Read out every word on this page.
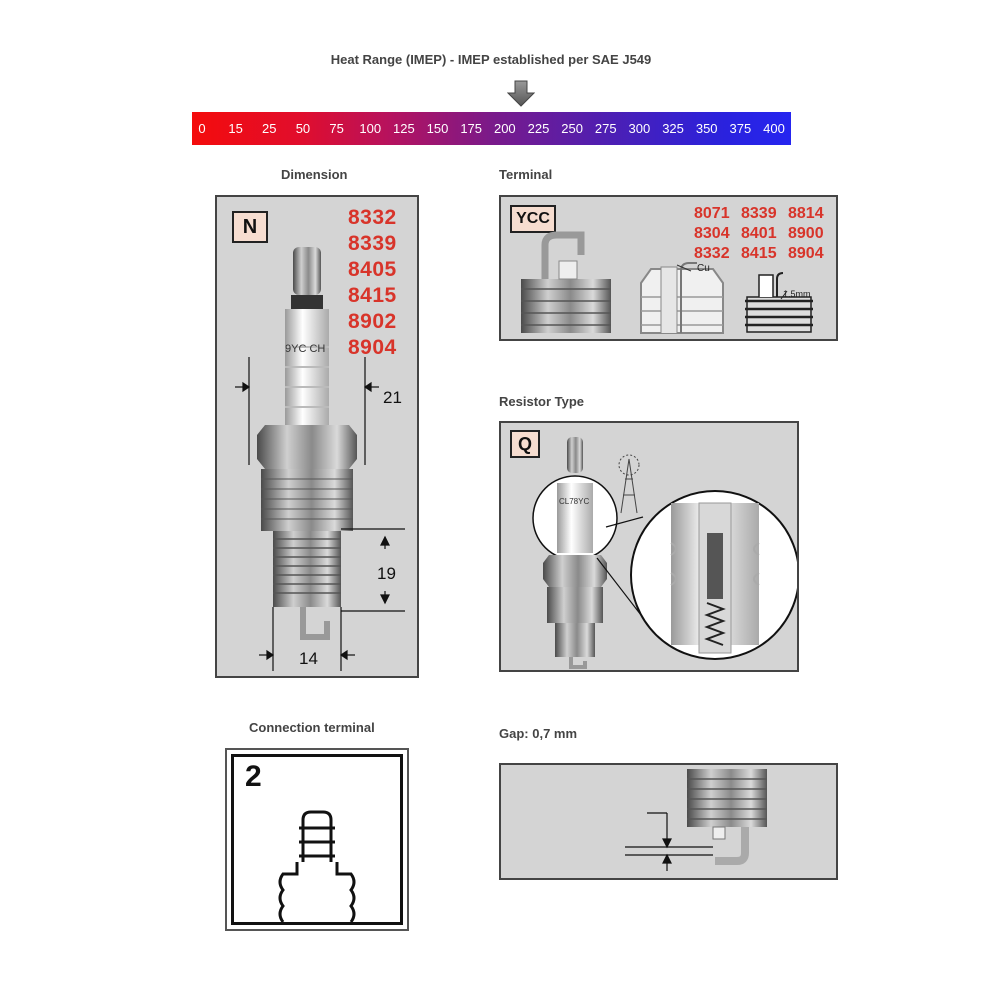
Heat Range (IMEP) - IMEP established per SAE J549
0 15 25 50 75 100 125 150 175 200 225 250 275 300 325 350 375 400
Dimension
N	8332
8339
8405
8415
8902
8904
9YC CH
21
19
14
Terminal
YCC	8071 8339 8814
8304 8401 8900
8332 8415 8904
Cu
1.5mm
Resistor Type
Q
CL78YC
Connection terminal
2
Gap: 0,7 mm
